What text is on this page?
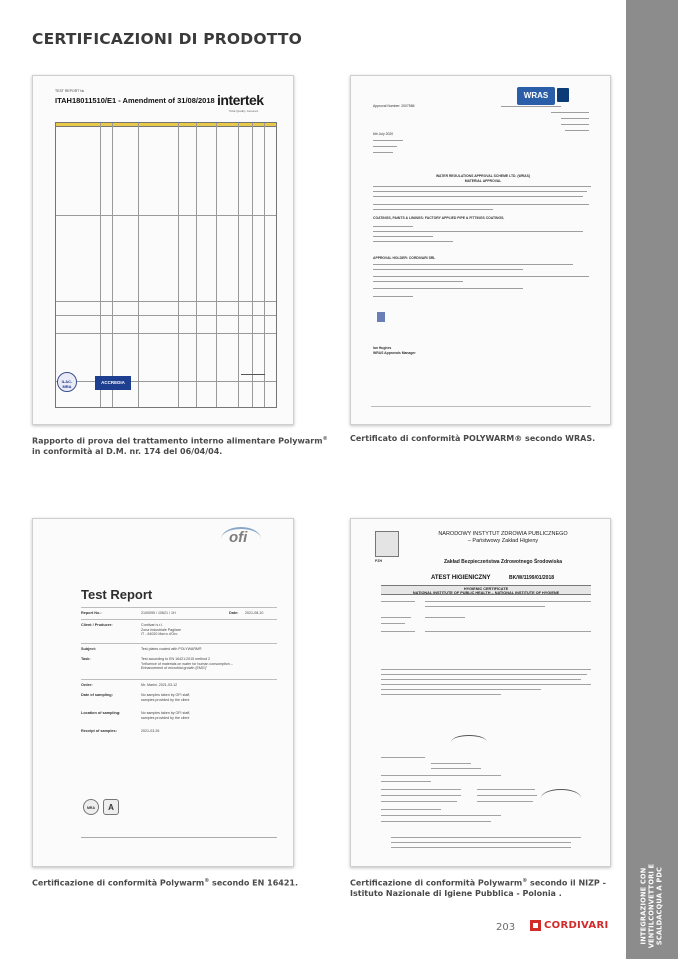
CERTIFICAZIONI DI PRODOTTO
INTEGRAZIONE CON
VENTILCONVETTORI E
SCALDACQUA A PDC
TEST REPORT №
ITAH18011510/E1 - Amendment of 31/08/2018 intertek
Total Quality. Assured.
ILAC-MRA
ACCREDIA
Rapporto di prova del trattamento interno alimentare Polywarm® in conformità al D.M. nr. 174 del 06/04/04.
WRAS
Approval Number: 2007586
6th July 2020
WATER REGULATIONS APPROVAL SCHEME LTD. (WRAS)
MATERIAL APPROVAL
COATINGS, PAINTS & LININGS: FACTORY APPLIED PIPE & FITTINGS COATINGS.
APPROVAL HOLDER: CORDIVARI SRL
Ian Hughes
WRAS Approvals Manager
Certificato di conformità POLYWARM® secondo WRAS.
ofi
Test Report
Report No.:	2100095 / 10621 / 1H	Date: 2021-08-10
Client / Producer:	Cordivari s.r.l.
Zona Industriale Pagliare
IT - 64020 Morro d'Oro
Subject:	Test plates coated with POLYWARM®
Task:	Test according to EN 16421:2015 method 2
"Influence of materials on water for human consumption –
Enhancement of microbial growth (EMG)"
Order:	Mr. Marini, 2021-03-12
Date of sampling:	No samples taken by OFI staff,
samples provided by the client
Location of sampling:	No samples taken by OFI staff,
samples provided by the client
Receipt of samples:	2021-03-26
MRA	A
Certificazione di conformità Polywarm® secondo EN 16421.
PZH
NARODOWY INSTYTUT ZDROWIA PUBLICZNEGO
– Państwowy Zakład Higieny
Zakład Bezpieczeństwa Zdrowotnego Środowiska
ATEST HIGIENICZNY	BK/W/1199/01/2018
HYGIENIC CERTIFICATE
NATIONAL INSTITUTE OF PUBLIC HEALTH – NATIONAL INSTITUTE OF HYGIENE
Certificazione di conformità Polywarm® secondo il NIZP - Istituto Nazionale di Igiene Pubblica - Polonia .
203	CORDIVARI
